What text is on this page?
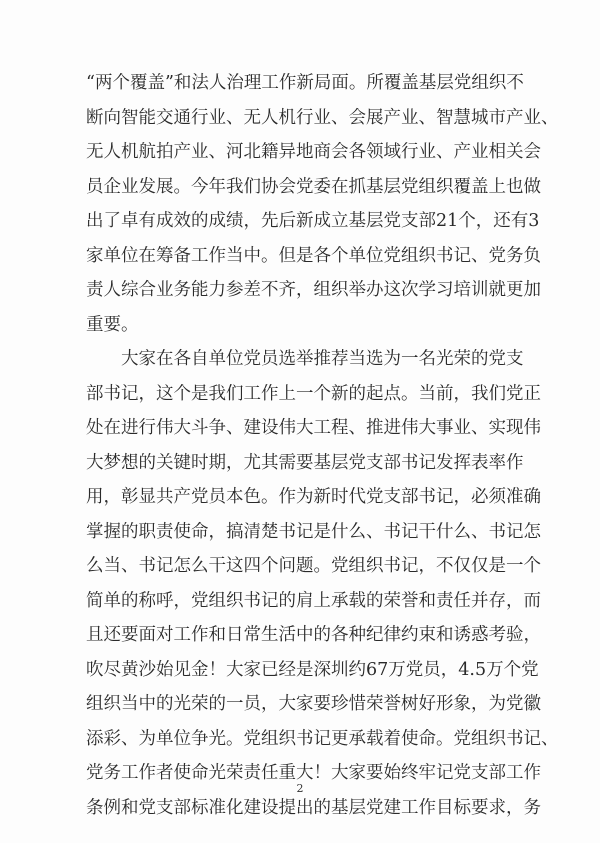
“两个覆盖”和法人治理工作新局面。所覆盖基层党组织不
断向智能交通行业、无人机行业、会展产业、智慧城市产业、
无人机航拍产业、河北籍异地商会各领域行业、产业相关会
员企业发展。今年我们协会党委在抓基层党组织覆盖上也做
出了卓有成效的成绩，先后新成立基层党支部21个，还有3
家单位在筹备工作当中。但是各个单位党组织书记、党务负
责人综合业务能力参差不齐，组织举办这次学习培训就更加
重要。
大家在各自单位党员选举推荐当选为一名光荣的党支
部书记，这个是我们工作上一个新的起点。当前，我们党正
处在进行伟大斗争、建设伟大工程、推进伟大事业、实现伟
大梦想的关键时期，尤其需要基层党支部书记发挥表率作
用，彰显共产党员本色。作为新时代党支部书记，必须准确
掌握的职责使命，搞清楚书记是什么、书记干什么、书记怎
么当、书记怎么干这四个问题。党组织书记，不仅仅是一个
简单的称呼，党组织书记的肩上承载的荣誉和责任并存，而
且还要面对工作和日常生活中的各种纪律约束和诱惑考验，
吹尽黄沙始见金！大家已经是深圳约67万党员，4.5万个党
组织当中的光荣的一员，大家要珍惜荣誉树好形象，为党徽
添彩、为单位争光。党组织书记更承载着使命。党组织书记、
党务工作者使命光荣责任重大！大家要始终牢记党支部工作
条例和党支部标准化建设提出的基层党建工作目标要求，务
2
